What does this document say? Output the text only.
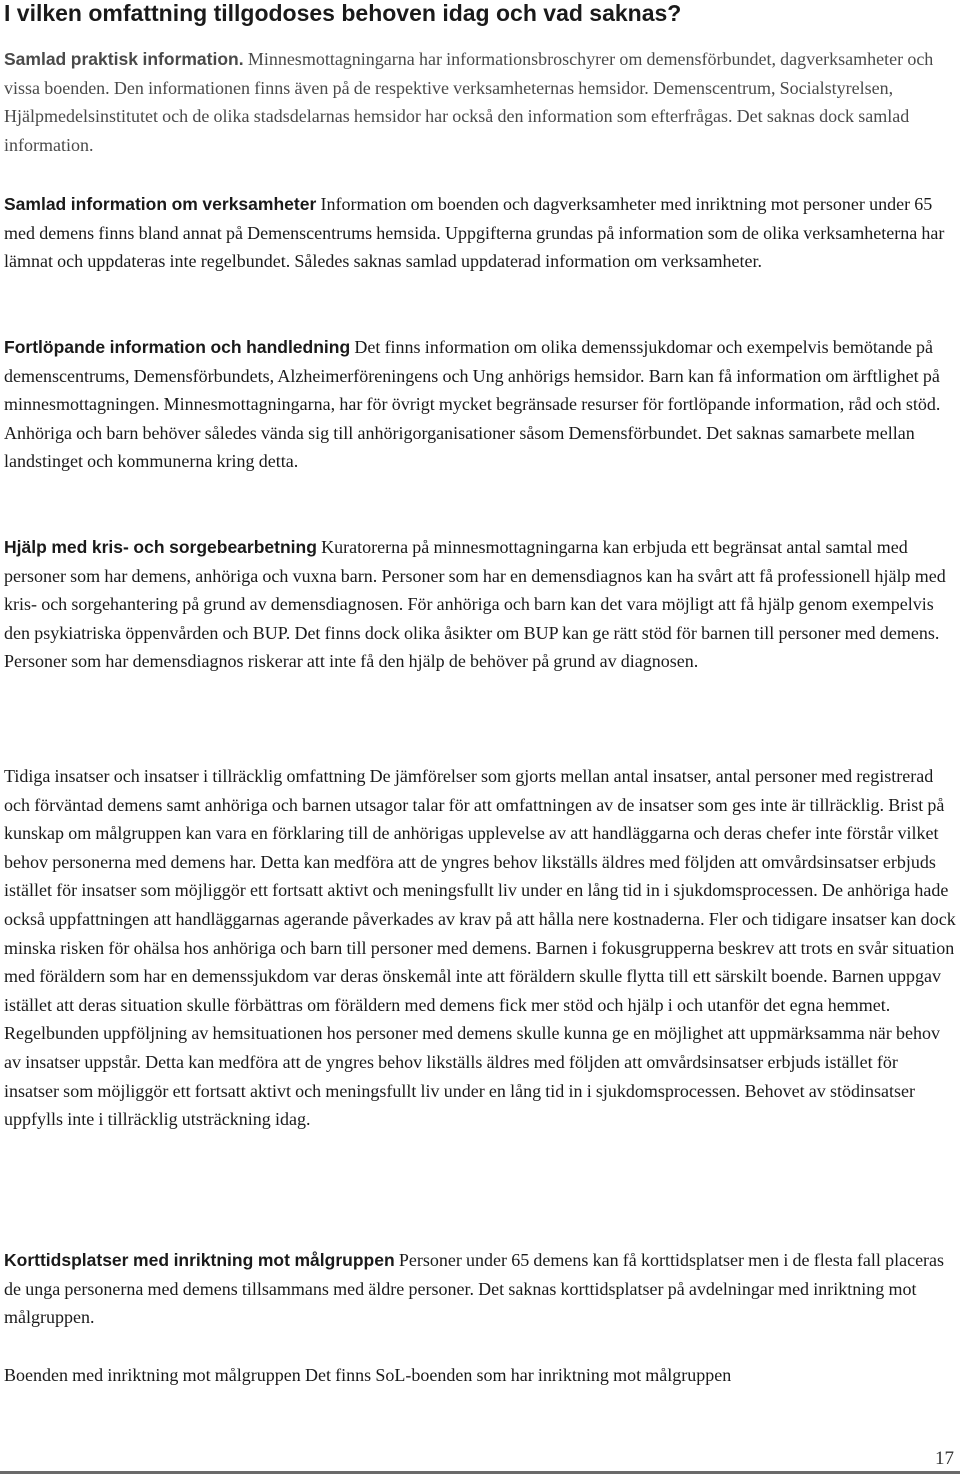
I vilken omfattning tillgodoses behoven idag och vad saknas?

Samlad praktisk information. Minnesmottagningarna har informationsbroschyrer om demensförbundet, dagverksamheter och vissa boenden. Den informationen finns även på de respektive verksamheternas hemsidor. Demenscentrum, Socialstyrelsen, Hjälpmedelsinstitutet och de olika stadsdelarnas hemsidor har också den information som efterfrågas. Det saknas dock samlad information.

Samlad information om verksamheter Information om boenden och dagverksamheter med inriktning mot personer under 65 med demens finns bland annat på Demenscentrums hemsida. Uppgifterna grundas på information som de olika verksamheterna har lämnat och uppdateras inte regelbundet. Således saknas samlad uppdaterad information om verksamheter.

Fortlöpande information och handledning Det finns information om olika demenssjukdomar och exempelvis bemötande på demenscentrums, Demensförbundets, Alzheimerföreningens och Ung anhörigs hemsidor. Barn kan få information om ärftlighet på minnesmottagningen. Minnesmottagningarna, har för övrigt mycket begränsade resurser för fortlöpande information, råd och stöd. Anhöriga och barn behöver således vända sig till anhörigorganisationer såsom Demensförbundet. Det saknas samarbete mellan landstinget och kommunerna kring detta.

Hjälp med kris- och sorgebearbetning Kuratorerna på minnesmottagningarna kan erbjuda ett begränsat antal samtal med personer som har demens, anhöriga och vuxna barn. Personer som har en demensdiagnos kan ha svårt att få professionell hjälp med kris- och sorgehantering på grund av demensdiagnosen. För anhöriga och barn kan det vara möjligt att få hjälp genom exempelvis den psykiatriska öppenvården och BUP. Det finns dock olika åsikter om BUP kan ge rätt stöd för barnen till personer med demens. Personer som har demensdiagnos riskerar att inte få den hjälp de behöver på grund av diagnosen.

Tidiga insatser och insatser i tillräcklig omfattning De jämförelser som gjorts mellan antal insatser, antal personer med registrerad och förväntad demens samt anhöriga och barnen utsagor talar för att omfattningen av de insatser som ges inte är tillräcklig. Brist på kunskap om målgruppen kan vara en förklaring till de anhörigas upplevelse av att handläggarna och deras chefer inte förstår vilket behov personerna med demens har. Detta kan medföra att de yngres behov likställs äldres med följden att omvårdsinsatser erbjuds istället för insatser som möjliggör ett fortsatt aktivt och meningsfullt liv under en lång tid in i sjukdomsprocessen. De anhöriga hade också uppfattningen att handläggarnas agerande påverkades av krav på att hålla nere kostnaderna. Fler och tidigare insatser kan dock minska risken för ohälsa hos anhöriga och barn till personer med demens. Barnen i fokusgrupperna beskrev att trots en svår situation med föräldern som har en demenssjukdom var deras önskemål inte att föräldern skulle flytta till ett särskilt boende. Barnen uppgav istället att deras situation skulle förbättras om föräldern med demens fick mer stöd och hjälp i och utanför det egna hemmet. Regelbunden uppföljning av hemsituationen hos personer med demens skulle kunna ge en möjlighet att uppmärksamma när behov av insatser uppstår. Detta kan medföra att de yngres behov likställs äldres med följden att omvårdsinsatser erbjuds istället för insatser som möjliggör ett fortsatt aktivt och meningsfullt liv under en lång tid in i sjukdomsprocessen. Behovet av stödinsatser uppfylls inte i tillräcklig utsträckning idag.

Korttidsplatser med inriktning mot målgruppen Personer under 65 demens kan få korttidsplatser men i de flesta fall placeras de unga personerna med demens tillsammans med äldre personer. Det saknas korttidsplatser på avdelningar med inriktning mot målgruppen.

Boenden med inriktning mot målgruppen Det finns SoL-boenden som har inriktning mot målgruppen

17
